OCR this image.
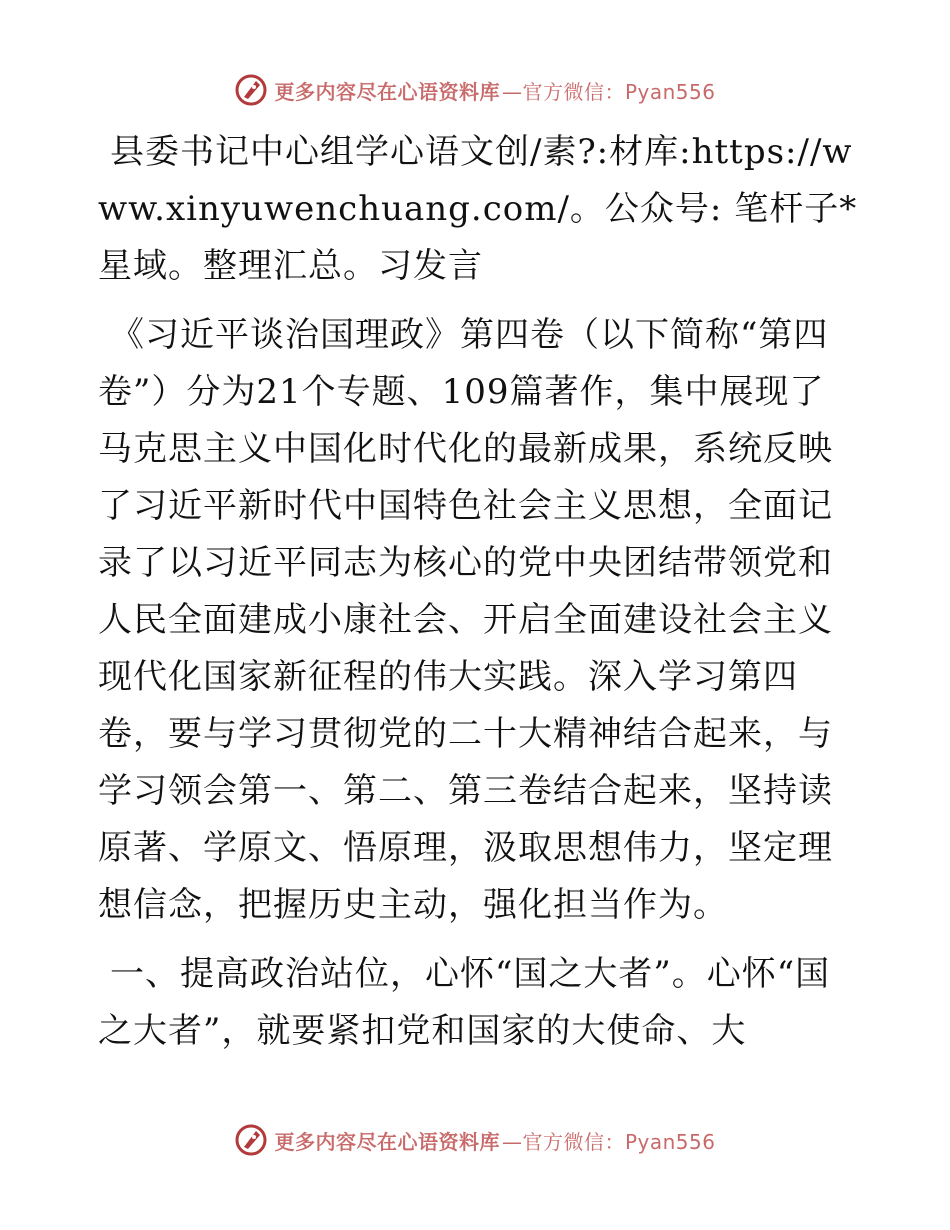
更多内容尽在心语资料库 —官方微信：Pyan556

县委书记中心组学心语文创/素?:材库:https://www.xinyuwenchuang.com/。公众号: 笔杆子*星域。整理汇总。习发言

《习近平谈治国理政》第四卷（以下简称“第四卷”）分为21个专题、109篇著作，集中展现了马克思主义中国化时代化的最新成果，系统反映了习近平新时代中国特色社会主义思想，全面记录了以习近平同志为核心的党中央团结带领党和人民全面建成小康社会、开启全面建设社会主义现代化国家新征程的伟大实践。深入学习第四卷，要与学习贯彻党的二十大精神结合起来，与学习领会第一、第二、第三卷结合起来，坚持读原著、学原文、悟原理，汲取思想伟力，坚定理想信念，把握历史主动，强化担当作为。

一、提高政治站位，心怀“国之大者”。心怀“国之大者”，就要紧扣党和国家的大使命、大

更多内容尽在心语资料库 —官方微信：Pyan556
